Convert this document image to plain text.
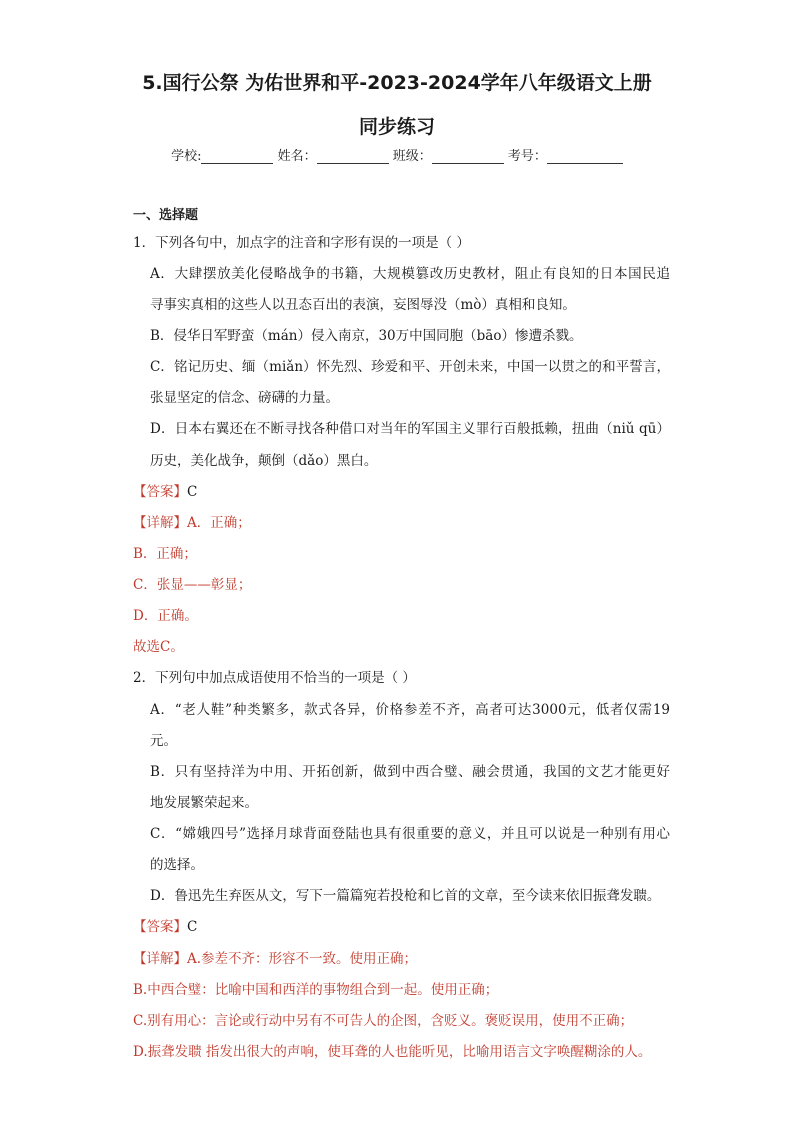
5.国行公祭 为佑世界和平-2023-2024学年八年级语文上册
同步练习
学校:	姓名：	班级：	考号：
一、选择题
1．下列各句中，加点字的注音和字形有误的一项是（ ）
A．大肆摆放美化侵略战争的书籍，大规模篡改历史教材，阻止有良知的日本国民追
寻事实真相的这些人以丑态百出的表演，妄图辱没（mò）真相和良知。
B．侵华日军野蛮（mán）侵入南京，30万中国同胞（bāo）惨遭杀戮。
C．铭记历史、缅（miǎn）怀先烈、珍爱和平、开创未来，中国一以贯之的和平誓言，
张显坚定的信念、磅礴的力量。
D．日本右翼还在不断寻找各种借口对当年的军国主义罪行百般抵赖，扭曲（niǔ qū）
历史，美化战争，颠倒（dǎo）黑白。
【答案】C
【详解】A．正确；
B．正确；
C．张显——彰显；
D．正确。
故选C。
2．下列句中加点成语使用不恰当的一项是（ ）
A．“老人鞋”种类繁多，款式各异，价格参差不齐，高者可达3000元，低者仅需19
元。
B．只有坚持洋为中用、开拓创新，做到中西合璧、融会贯通，我国的文艺才能更好
地发展繁荣起来。
C．“嫦娥四号”选择月球背面登陆也具有很重要的意义，并且可以说是一种别有用心
的选择。
D．鲁迅先生弃医从文，写下一篇篇宛若投枪和匕首的文章，至今读来依旧振聋发聩。
【答案】C
【详解】A.参差不齐：形容不一致。使用正确；
B.中西合璧：比喻中国和西洋的事物组合到一起。使用正确；
C.别有用心：言论或行动中另有不可告人的企图，含贬义。褒贬误用，使用不正确；
D.振聋发聩 指发出很大的声响，使耳聋的人也能听见，比喻用语言文字唤醒糊涂的人。
